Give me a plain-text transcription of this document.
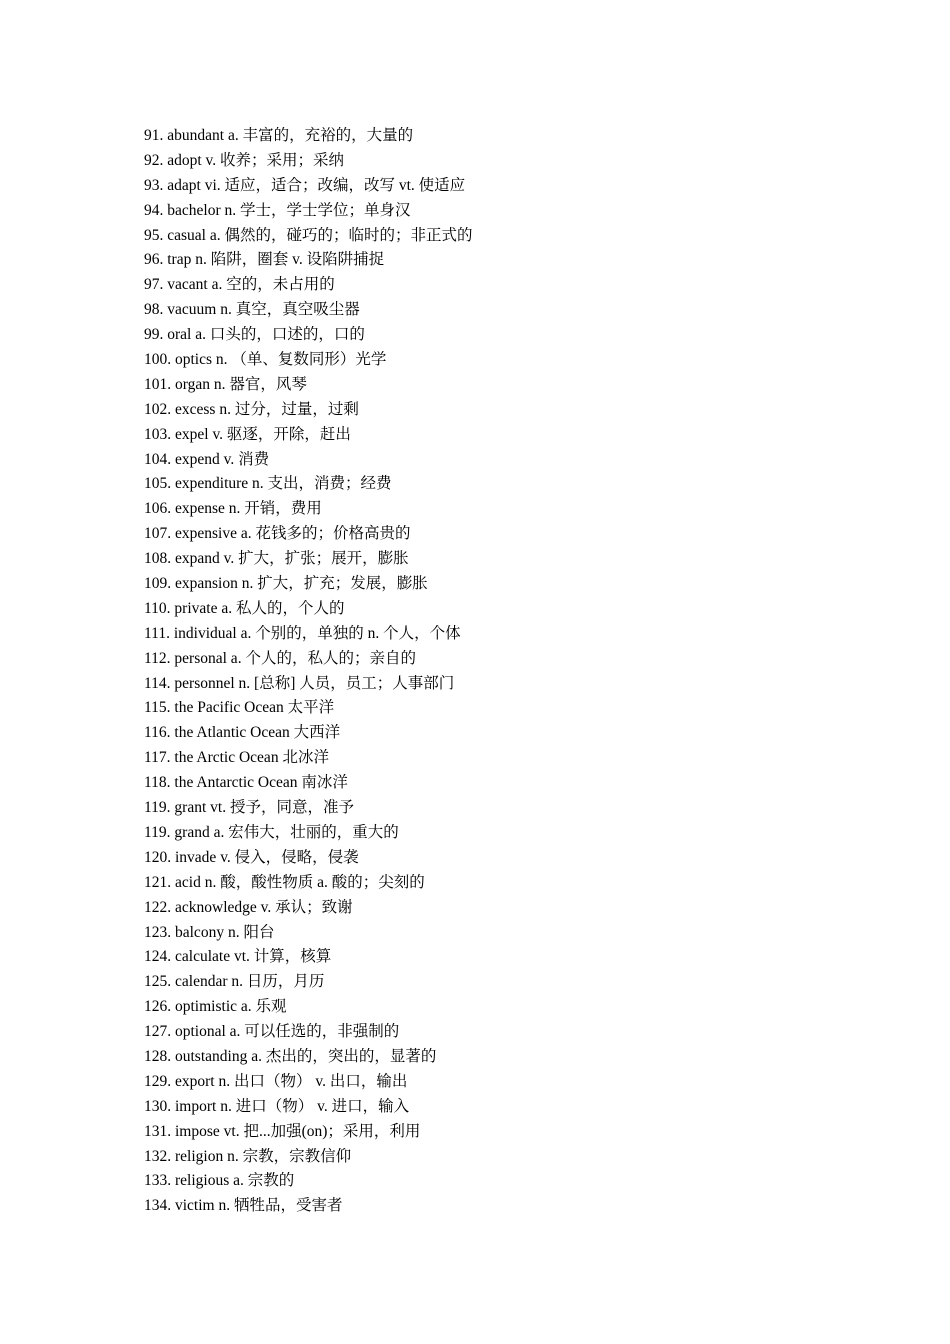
91. abundant a. 丰富的，充裕的，大量的
92. adopt v. 收养；采用；采纳
93. adapt vi. 适应，适合；改编，改写 vt. 使适应
94. bachelor n. 学士，学士学位；单身汉
95. casual a. 偶然的，碰巧的；临时的；非正式的
96. trap n. 陷阱，圈套 v. 设陷阱捕捉
97. vacant a. 空的，未占用的
98. vacuum n. 真空，真空吸尘器
99. oral a. 口头的，口述的，口的
100. optics n. （单、复数同形）光学
101. organ n. 器官，风琴
102. excess n. 过分，过量，过剩
103. expel v. 驱逐，开除，赶出
104. expend v. 消费
105. expenditure n. 支出，消费；经费
106. expense n. 开销，费用
107. expensive a. 花钱多的；价格高贵的
108. expand v. 扩大，扩张；展开，膨胀
109. expansion n. 扩大，扩充；发展，膨胀
110. private a. 私人的，个人的
111. individual a. 个别的，单独的 n. 个人，个体
112. personal a. 个人的，私人的；亲自的
114. personnel n. [总称] 人员，员工；人事部门
115. the Pacific Ocean 太平洋
116. the Atlantic Ocean 大西洋
117. the Arctic Ocean 北冰洋
118. the Antarctic Ocean 南冰洋
119. grant vt. 授予，同意，准予
119. grand a. 宏伟大，壮丽的，重大的
120. invade v. 侵入，侵略，侵袭
121. acid n. 酸，酸性物质 a. 酸的；尖刻的
122. acknowledge v. 承认；致谢
123. balcony n. 阳台
124. calculate vt. 计算，核算
125. calendar n. 日历，月历
126. optimistic a. 乐观
127. optional a. 可以任选的，非强制的
128. outstanding a. 杰出的，突出的，显著的
129. export n. 出口（物） v. 出口，输出
130. import n. 进口（物） v. 进口，输入
131. impose vt. 把...加强(on)；采用，利用
132. religion n. 宗教，宗教信仰
133. religious a. 宗教的
134. victim n. 牺牲品，受害者
